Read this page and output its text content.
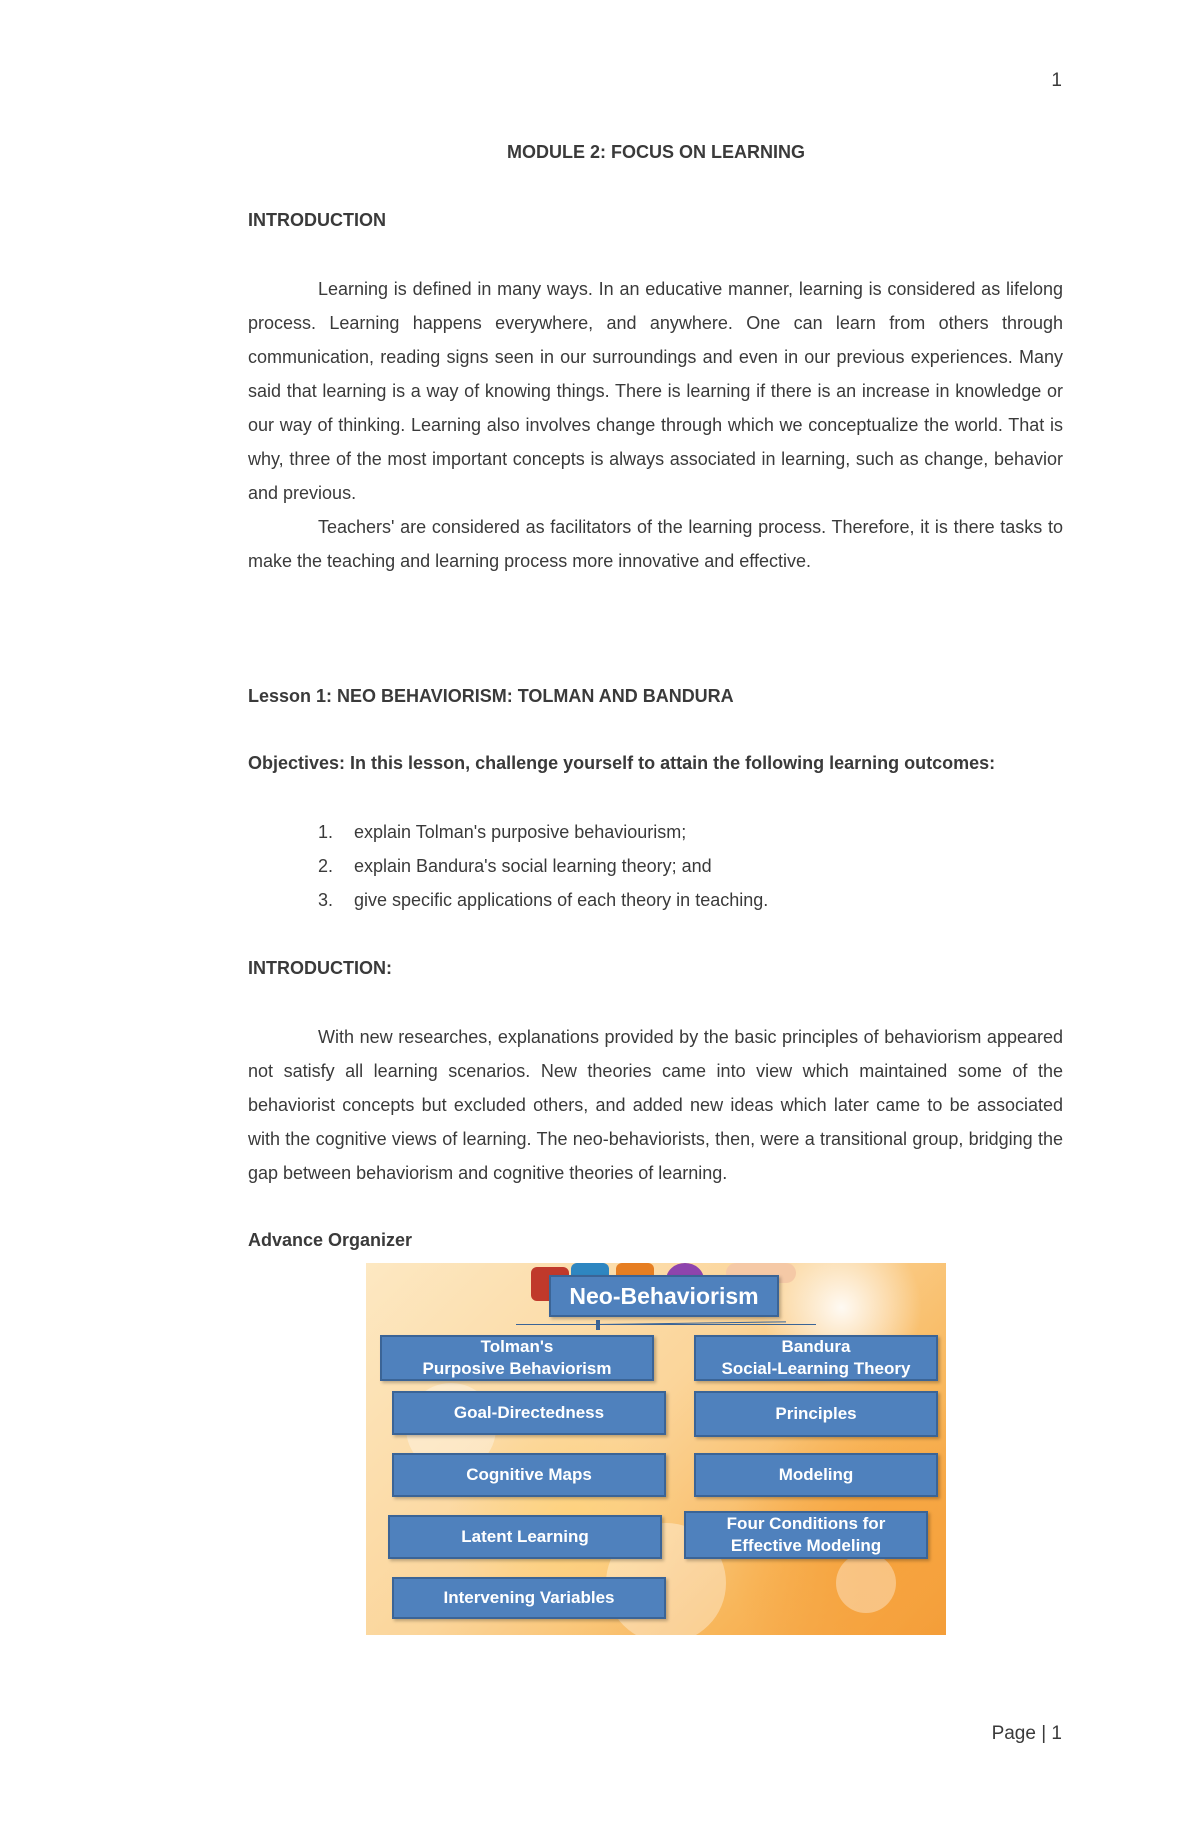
1
MODULE 2: FOCUS ON LEARNING
INTRODUCTION
Learning is defined in many ways. In an educative manner, learning is considered as lifelong process. Learning happens everywhere, and anywhere. One can learn from others through communication, reading signs seen in our surroundings and even in our previous experiences. Many said that learning is a way of knowing things. There is learning if there is an increase in knowledge or our way of thinking. Learning also involves change through which we conceptualize the world. That is why, three of the most important concepts is always associated in learning, such as change, behavior and previous.
Teachers' are considered as facilitators of the learning process. Therefore, it is there tasks to make the teaching and learning process more innovative and effective.
Lesson 1: NEO BEHAVIORISM: TOLMAN AND BANDURA
Objectives: In this lesson, challenge yourself to attain the following learning outcomes:
1. explain Tolman's purposive behaviourism;
2. explain Bandura's social learning theory; and
3. give specific applications of each theory in teaching.
INTRODUCTION:
With new researches, explanations provided by the basic principles of behaviorism appeared not satisfy all learning scenarios. New theories came into view which maintained some of the behaviorist concepts but excluded others, and added new ideas which later came to be associated with the cognitive views of learning. The neo-behaviorists, then, were a transitional group, bridging the gap between behaviorism and cognitive theories of learning.
Advance Organizer
Neo-Behaviorism
Tolman's
Purposive Behaviorism
Bandura
Social-Learning Theory
Goal-Directedness
Cognitive Maps
Latent Learning
Intervening Variables
Principles
Modeling
Four Conditions for
Effective Modeling
Page | 1
